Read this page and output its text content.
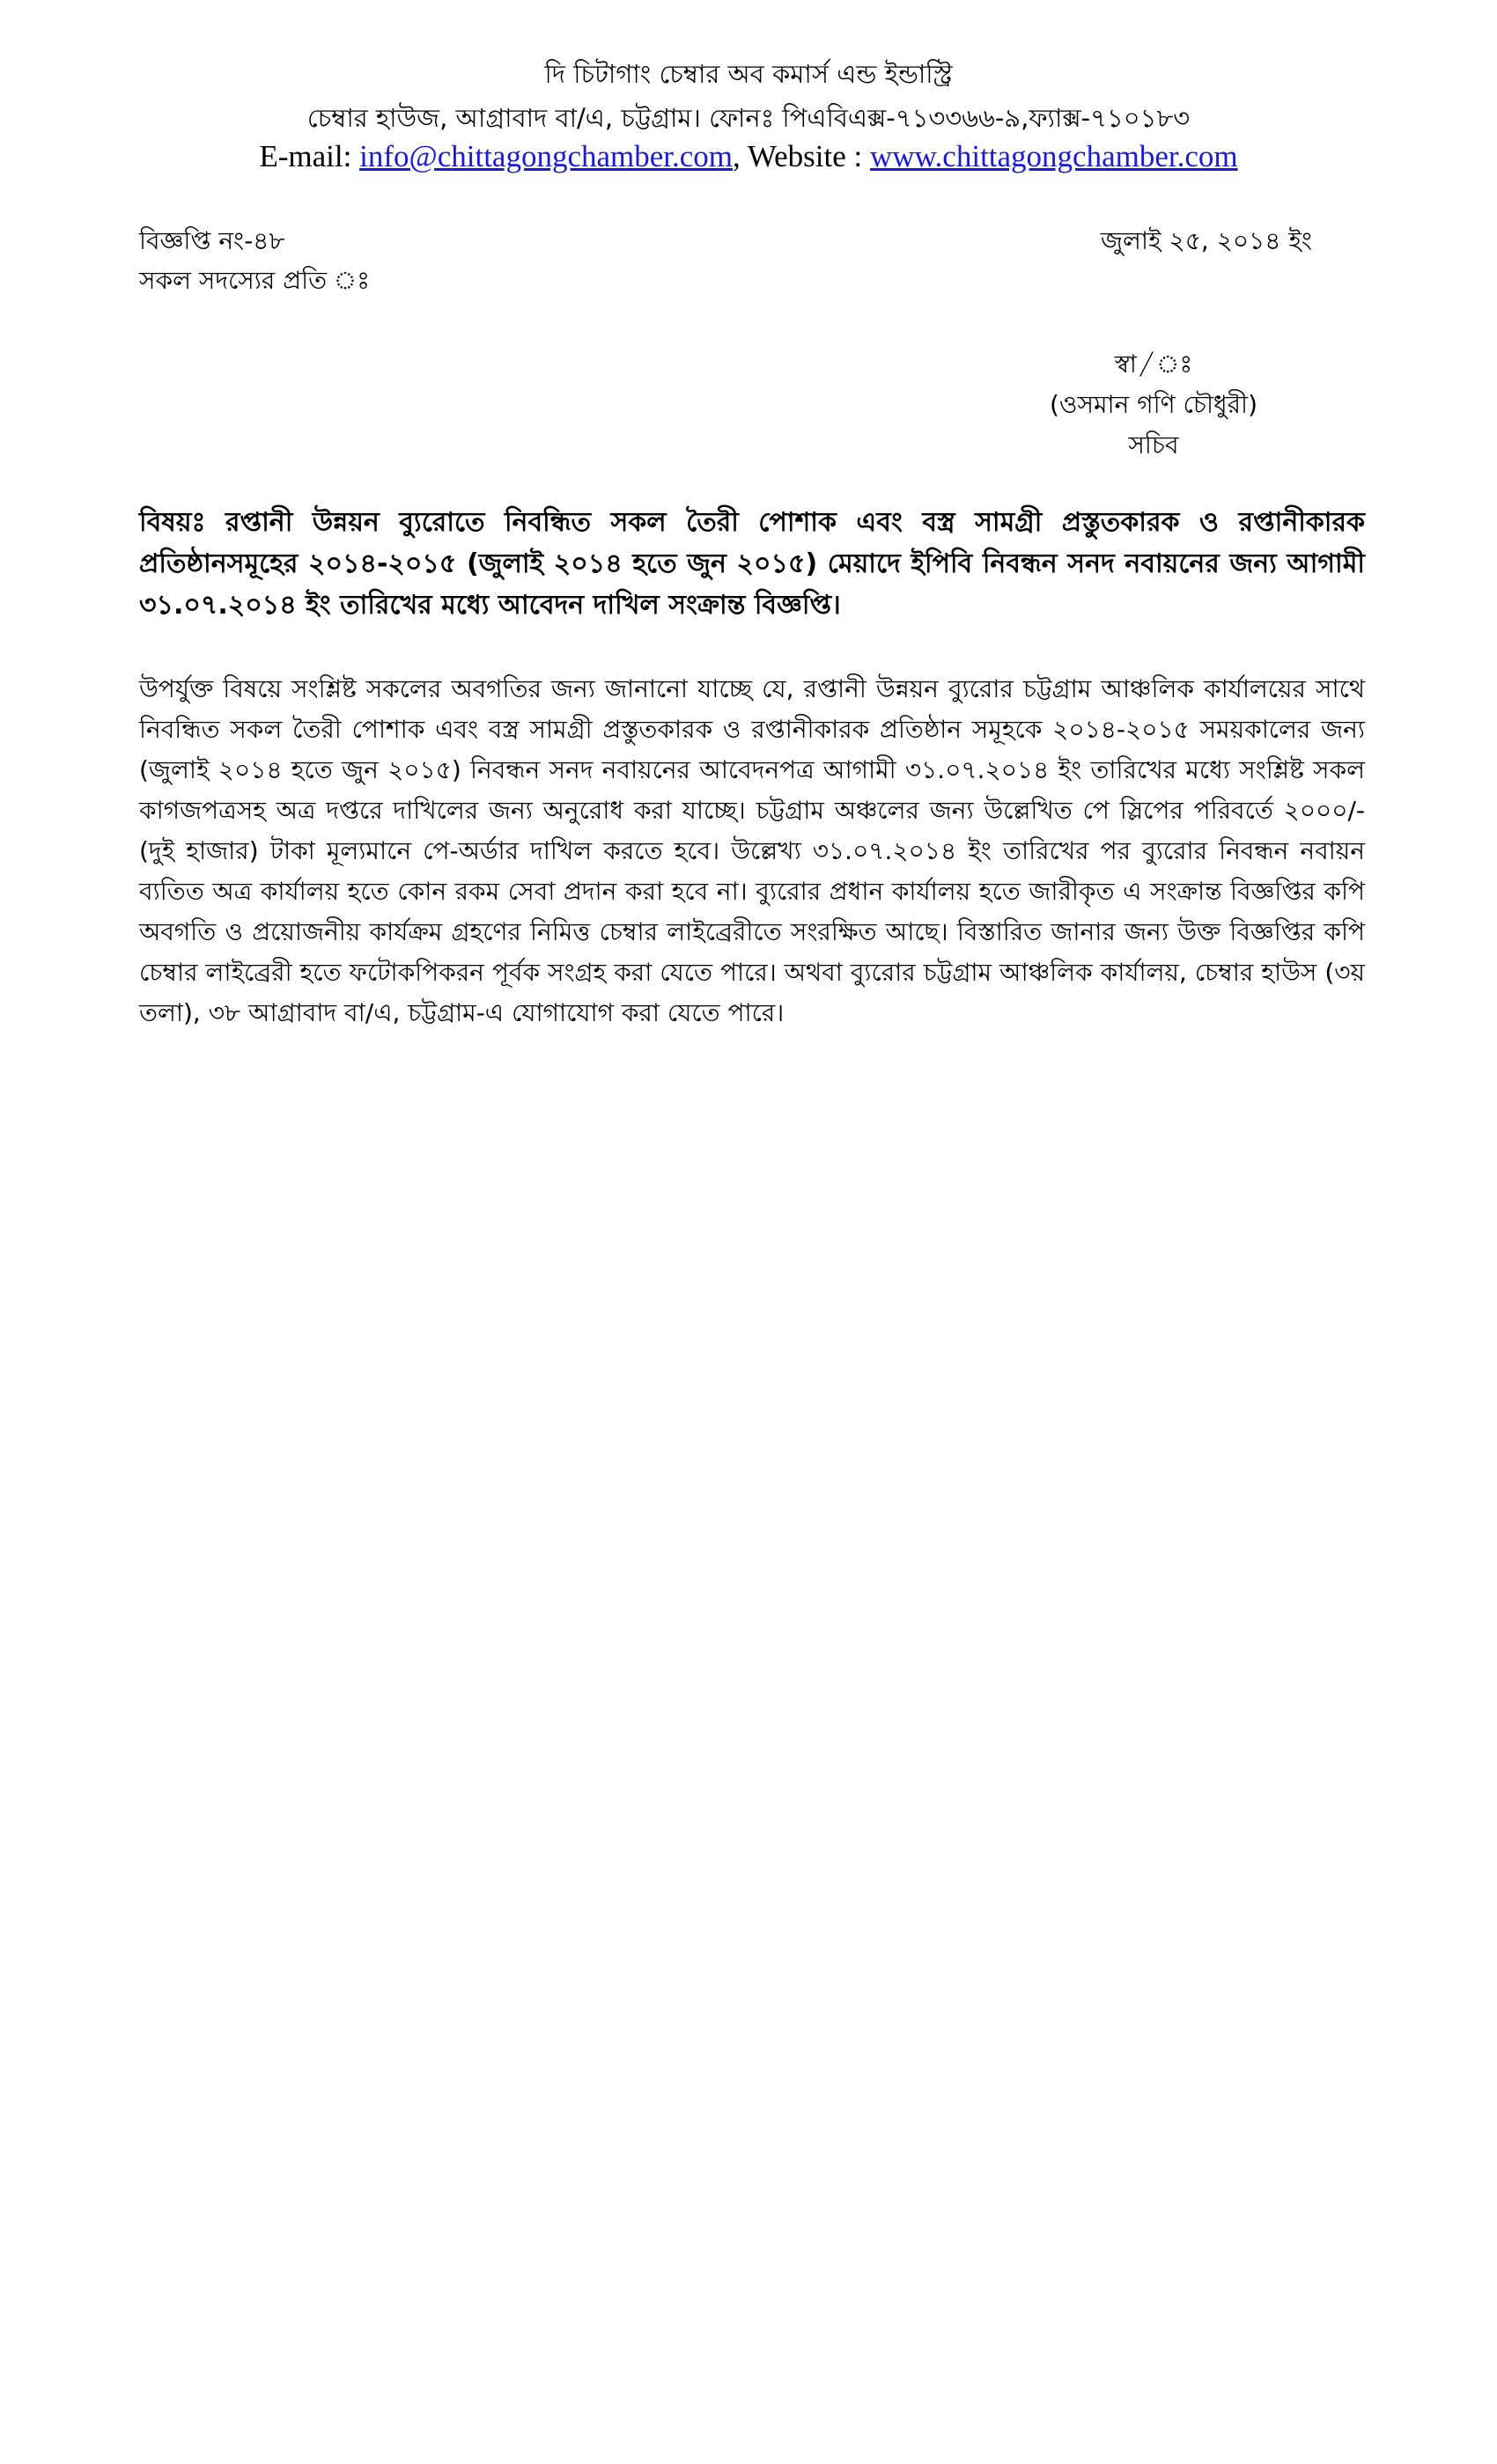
দি চিটাগাং চেম্বার অব কমার্স এন্ড ইন্ডাস্ট্রি
চেম্বার হাউজ, আগ্রাবাদ বা/এ, চট্টগ্রাম। ফোনঃ পিএবিএক্স-৭১৩৩৬৬-৯,ফ্যাক্স-৭১০১৮৩
E-mail: info@chittagongchamber.com, Website : www.chittagongchamber.com
বিজ্ঞপ্তি নং-৪৮	জুলাই ২৫, ২০১৪ ইং
সকল সদস্যের প্রতি ঃ
স্বা/ঃ
(ওসমান গণি চৌধুরী)
সচিব
বিষয়ঃ রপ্তানী উন্নয়ন ব্যুরোতে নিবন্ধিত সকল তৈরী পোশাক এবং বস্ত্র সামগ্রী প্রস্তুতকারক ও রপ্তানীকারক প্রতিষ্ঠানসমূহের ২০১৪-২০১৫ (জুলাই ২০১৪ হতে জুন ২০১৫) মেয়াদে ইপিবি নিবন্ধন সনদ নবায়নের জন্য আগামী ৩১.০৭.২০১৪ ইং তারিখের মধ্যে আবেদন দাখিল সংক্রান্ত বিজ্ঞপ্তি।
উপর্যুক্ত বিষয়ে সংশ্লিষ্ট সকলের অবগতির জন্য জানানো যাচ্ছে যে, রপ্তানী উন্নয়ন ব্যুরোর চট্টগ্রাম আঞ্চলিক কার্যালয়ের সাথে নিবন্ধিত সকল তৈরী পোশাক এবং বস্ত্র সামগ্রী প্রস্তুতকারক ও রপ্তানীকারক প্রতিষ্ঠান সমূহকে ২০১৪-২০১৫ সময়কালের জন্য (জুলাই ২০১৪ হতে জুন ২০১৫) নিবন্ধন সনদ নবায়নের আবেদনপত্র আগামী ৩১.০৭.২০১৪ ইং তারিখের মধ্যে সংশ্লিষ্ট সকল কাগজপত্রসহ অত্র দপ্তরে দাখিলের জন্য অনুরোধ করা যাচ্ছে। চট্টগ্রাম অঞ্চলের জন্য উল্লেখিত পে স্লিপের পরিবর্তে ২০০০/- (দুই হাজার) টাকা মূল্যমানে পে-অর্ডার দাখিল করতে হবে। উল্লেখ্য ৩১.০৭.২০১৪ ইং তারিখের পর ব্যুরোর নিবন্ধন নবায়ন ব্যতিত অত্র কার্যালয় হতে কোন রকম সেবা প্রদান করা হবে না। ব্যুরোর প্রধান কার্যালয় হতে জারীকৃত এ সংক্রান্ত বিজ্ঞপ্তির কপি অবগতি ও প্রয়োজনীয় কার্যক্রম গ্রহণের নিমিত্ত চেম্বার লাইব্রেরীতে সংরক্ষিত আছে। বিস্তারিত জানার জন্য উক্ত বিজ্ঞপ্তির কপি চেম্বার লাইব্রেরী হতে ফটোকপিকরন পূর্বক সংগ্রহ করা যেতে পারে। অথবা ব্যুরোর চট্টগ্রাম আঞ্চলিক কার্যালয়, চেম্বার হাউস (৩য় তলা), ৩৮ আগ্রাবাদ বা/এ, চট্টগ্রাম-এ যোগাযোগ করা যেতে পারে।
